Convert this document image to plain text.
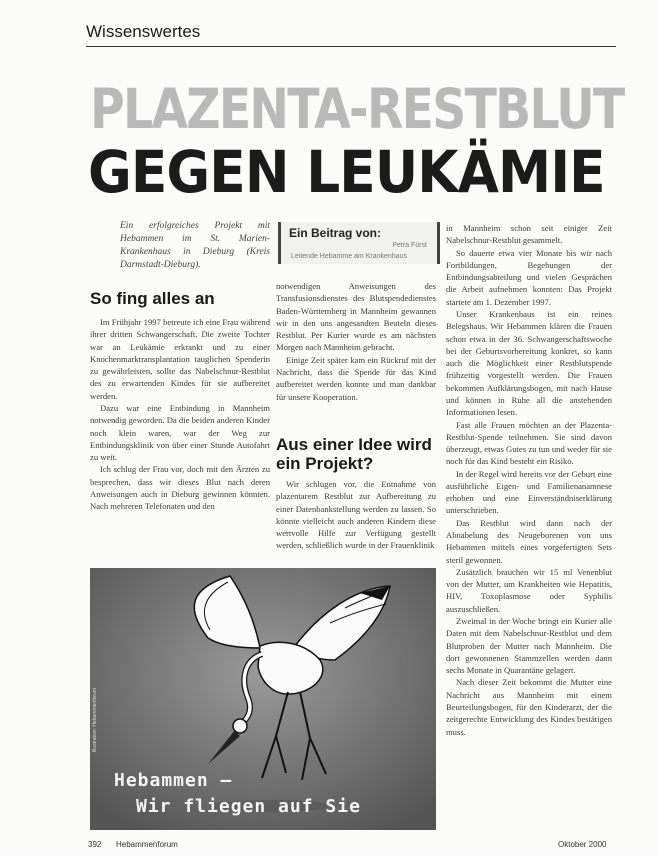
Wissenswertes
PLAZENTA-RESTBLUT
GEGEN LEUKÄMIE
Ein erfolgreiches Projekt mit Hebammen im St. Marien-Krankenhaus in Dieburg (Kreis Darmstadt-Dieburg).
Ein Beitrag von:
Petra Fürst
Leitende Hebamme am Krankenhaus
So fing alles an

Im Frühjahr 1997 betreute ich eine Frau während ihrer dritten Schwangerschaft. Die zweite Tochter war an Leukämie erkrankt und zu einer Knochenmarktransplantation tauglichen Spenderin zu gewährleisten, sollte das Nabelschnur-Restblut des zu erwartenden Kindes für sie aufbereitet werden.

Dazu war eine Entbindung in Mannheim notwendig geworden. Da die beiden anderen Kinder noch klein waren, war der Weg zur Entbindungsklinik von über einer Stunde Autofahrt zu weit.

Ich schlug der Frau vor, doch mit den Ärzten zu besprechen, dass wir dieses Blut nach deren Anweisungen auch in Dieburg gewinnen könnten. Nach mehreren Telefonaten und den

notwendigen Anweisungen des Transfusionsdienstes des Blutspendedienstes Baden-Württemberg in Mannheim gewannen wir in den uns angesandten Beuteln dieses Restblut. Per Kurier wurde es am nächsten Morgen nach Mannheim gebracht.

Einige Zeit später kam ein Rückruf mit der Nachricht, dass die Spende für das Kind aufbereitet werden konnte und man dankbar für unsere Kooperation.

Aus einer Idee wird ein Projekt?

Wir schlugen vor, die Entnahme von plazentarem Restblut zur Aufbereitung zu einer Datenbankstellung werden zu lassen. So könnte vielleicht auch anderen Kindern diese wertvolle Hilfe zur Verfügung gestellt werden, schließlich wurde in der Frauenklinik

in Mannheim schon seit einiger Zeit Nabelschnur-Restblut gesammelt.

So dauerte etwa vier Monate bis wir nach Fortbildungen, Begehungen der Entbindungsabteilung und vielen Gesprächen die Arbeit aufnehmen konnten: Das Projekt startete am 1. Dezember 1997.

Unser Krankenhaus ist ein reines Belegshaus. Wir Hebammen klären die Frauen schon etwa in der 36. Schwangerschaftswoche bei der Geburtsvorbereitung konkret, so kann auch die Möglichkeit einer Restblutspende frühzeitig vorgestellt werden. Die Frauen bekommen Aufklärungsbogen, mit nach Hause und können in Ruhe all die anstehenden Informationen lesen.

Fast alle Frauen möchten an der Plazenta-Restblut-Spende teilnehmen. Sie sind davon überzeugt, etwas Gutes zu tun und weder für sie noch für das Kind besteht ein Risiko.

In der Regel wird bereits vor der Geburt eine ausführliche Eigen- und Familienanamnese erhoben und eine Einverständniserklärung unterschrieben.

Das Restblut wird dann nach der Abnabelung des Neugeborenen von uns Hebammen mittels eines vorgefertigten Sets steril gewonnen.

Zusätzlich brauchen wir 15 ml Venenblut von der Mutter, um Krankheiten wie Hepatitis, HIV, Toxoplasmose oder Syphilis auszuschließen.

Zweimal in der Woche bringt ein Kurier alle Daten mit dem Nabelschnur-Restblut und dem Blutproben der Mutter nach Mannheim. Die dort gewonnenen Stammzellen werden dann sechs Monate in Quarantäne gelagert.

Nach dieser Zeit bekommt die Mutter eine Nachricht aus Mannheim mit einem Beurteilungsbogen, für den Kinderarzt, der die zeitgerechte Entwicklung des Kindes bestätigen muss.

Illustration: Hebammenforum
Hebammen –
Wir fliegen auf Sie
392 Hebammenforum	Oktober 2000
